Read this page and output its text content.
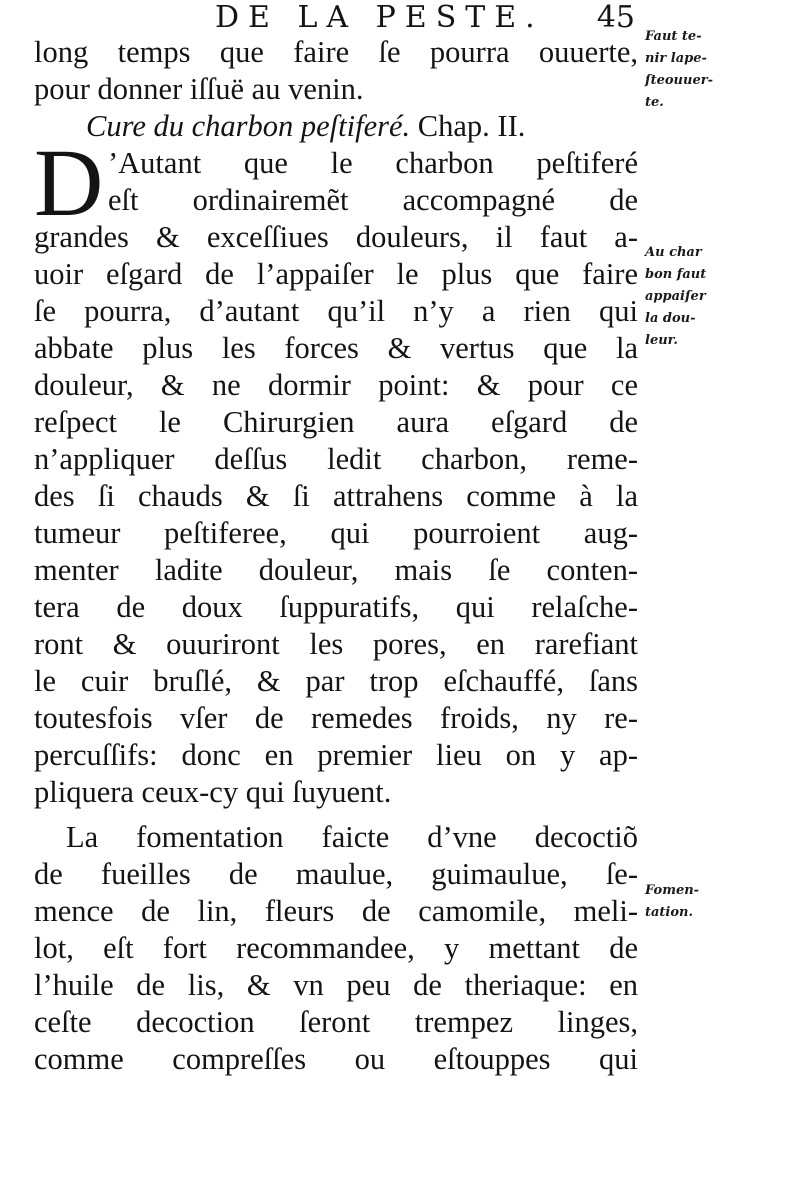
DE LA PESTE. 45
long temps que faire ſe pourra ouuerte,
pour donner iſſuë au venin.
Cure du charbon peſtiferé. Chap. II.
D ’Autant que le charbon peſtiferé
eſt ordinairemẽt accompagné de
grandes & exceſſiues douleurs, il faut a-
uoir eſgard de l’appaiſer le plus que faire
ſe pourra, d’autant qu’il n’y a rien qui
abbate plus les forces & vertus que la
douleur, & ne dormir point: & pour ce
reſpect le Chirurgien aura eſgard de
n’appliquer deſſus ledit charbon, reme-
des ſi chauds & ſi attrahens comme à la
tumeur peſtiferee, qui pourroient aug-
menter ladite douleur, mais ſe conten-
tera de doux ſuppuratifs, qui relaſche-
ront & ouuriront les pores, en rarefiant
le cuir bruſlé, & par trop eſchauffé, ſans
toutesfois vſer de remedes froids, ny re-
percuſſifs: donc en premier lieu on y ap-
pliquera ceux-cy qui ſuyuent.
La fomentation faicte d’vne decoctiõ
de fueilles de maulue, guimaulue, ſe-
mence de lin, fleurs de camomile, meli-
lot, eſt fort recommandee, y mettant de
l’huile de lis, & vn peu de theriaque: en
ceſte decoction ſeront trempez linges,
comme compreſſes ou eſtouppes qui
Faut te-
nir lape-
ſteouuer-
te.
Au char
bon faut
appaiſer
la dou-
leur.
Fomen-
tation.
